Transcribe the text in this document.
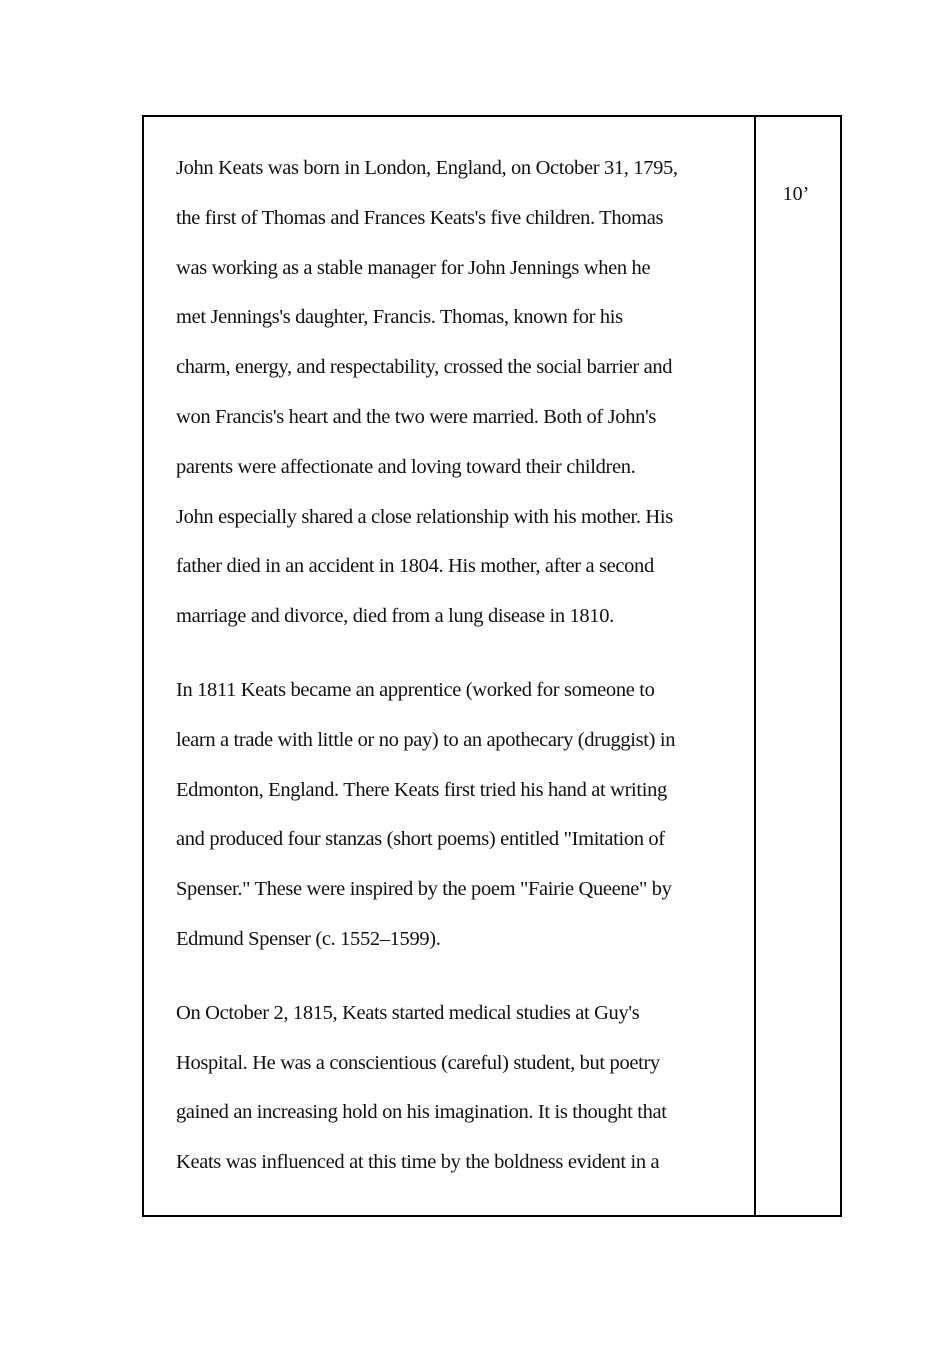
John Keats was born in London, England, on October 31, 1795,
the first of Thomas and Frances Keats's five children. Thomas
was working as a stable manager for John Jennings when he
met Jennings's daughter, Francis. Thomas, known for his
charm, energy, and respectability, crossed the social barrier and
won Francis's heart and the two were married. Both of John's
parents were affectionate and loving toward their children.
John especially shared a close relationship with his mother. His
father died in an accident in 1804. His mother, after a second
marriage and divorce, died from a lung disease in 1810.

In 1811 Keats became an apprentice (worked for someone to
learn a trade with little or no pay) to an apothecary (druggist) in
Edmonton, England. There Keats first tried his hand at writing
and produced four stanzas (short poems) entitled "Imitation of
Spenser." These were inspired by the poem "Fairie Queene" by
Edmund Spenser (c. 1552–1599).

On October 2, 1815, Keats started medical studies at Guy's
Hospital. He was a conscientious (careful) student, but poetry
gained an increasing hold on his imagination. It is thought that
Keats was influenced at this time by the boldness evident in a

10’
